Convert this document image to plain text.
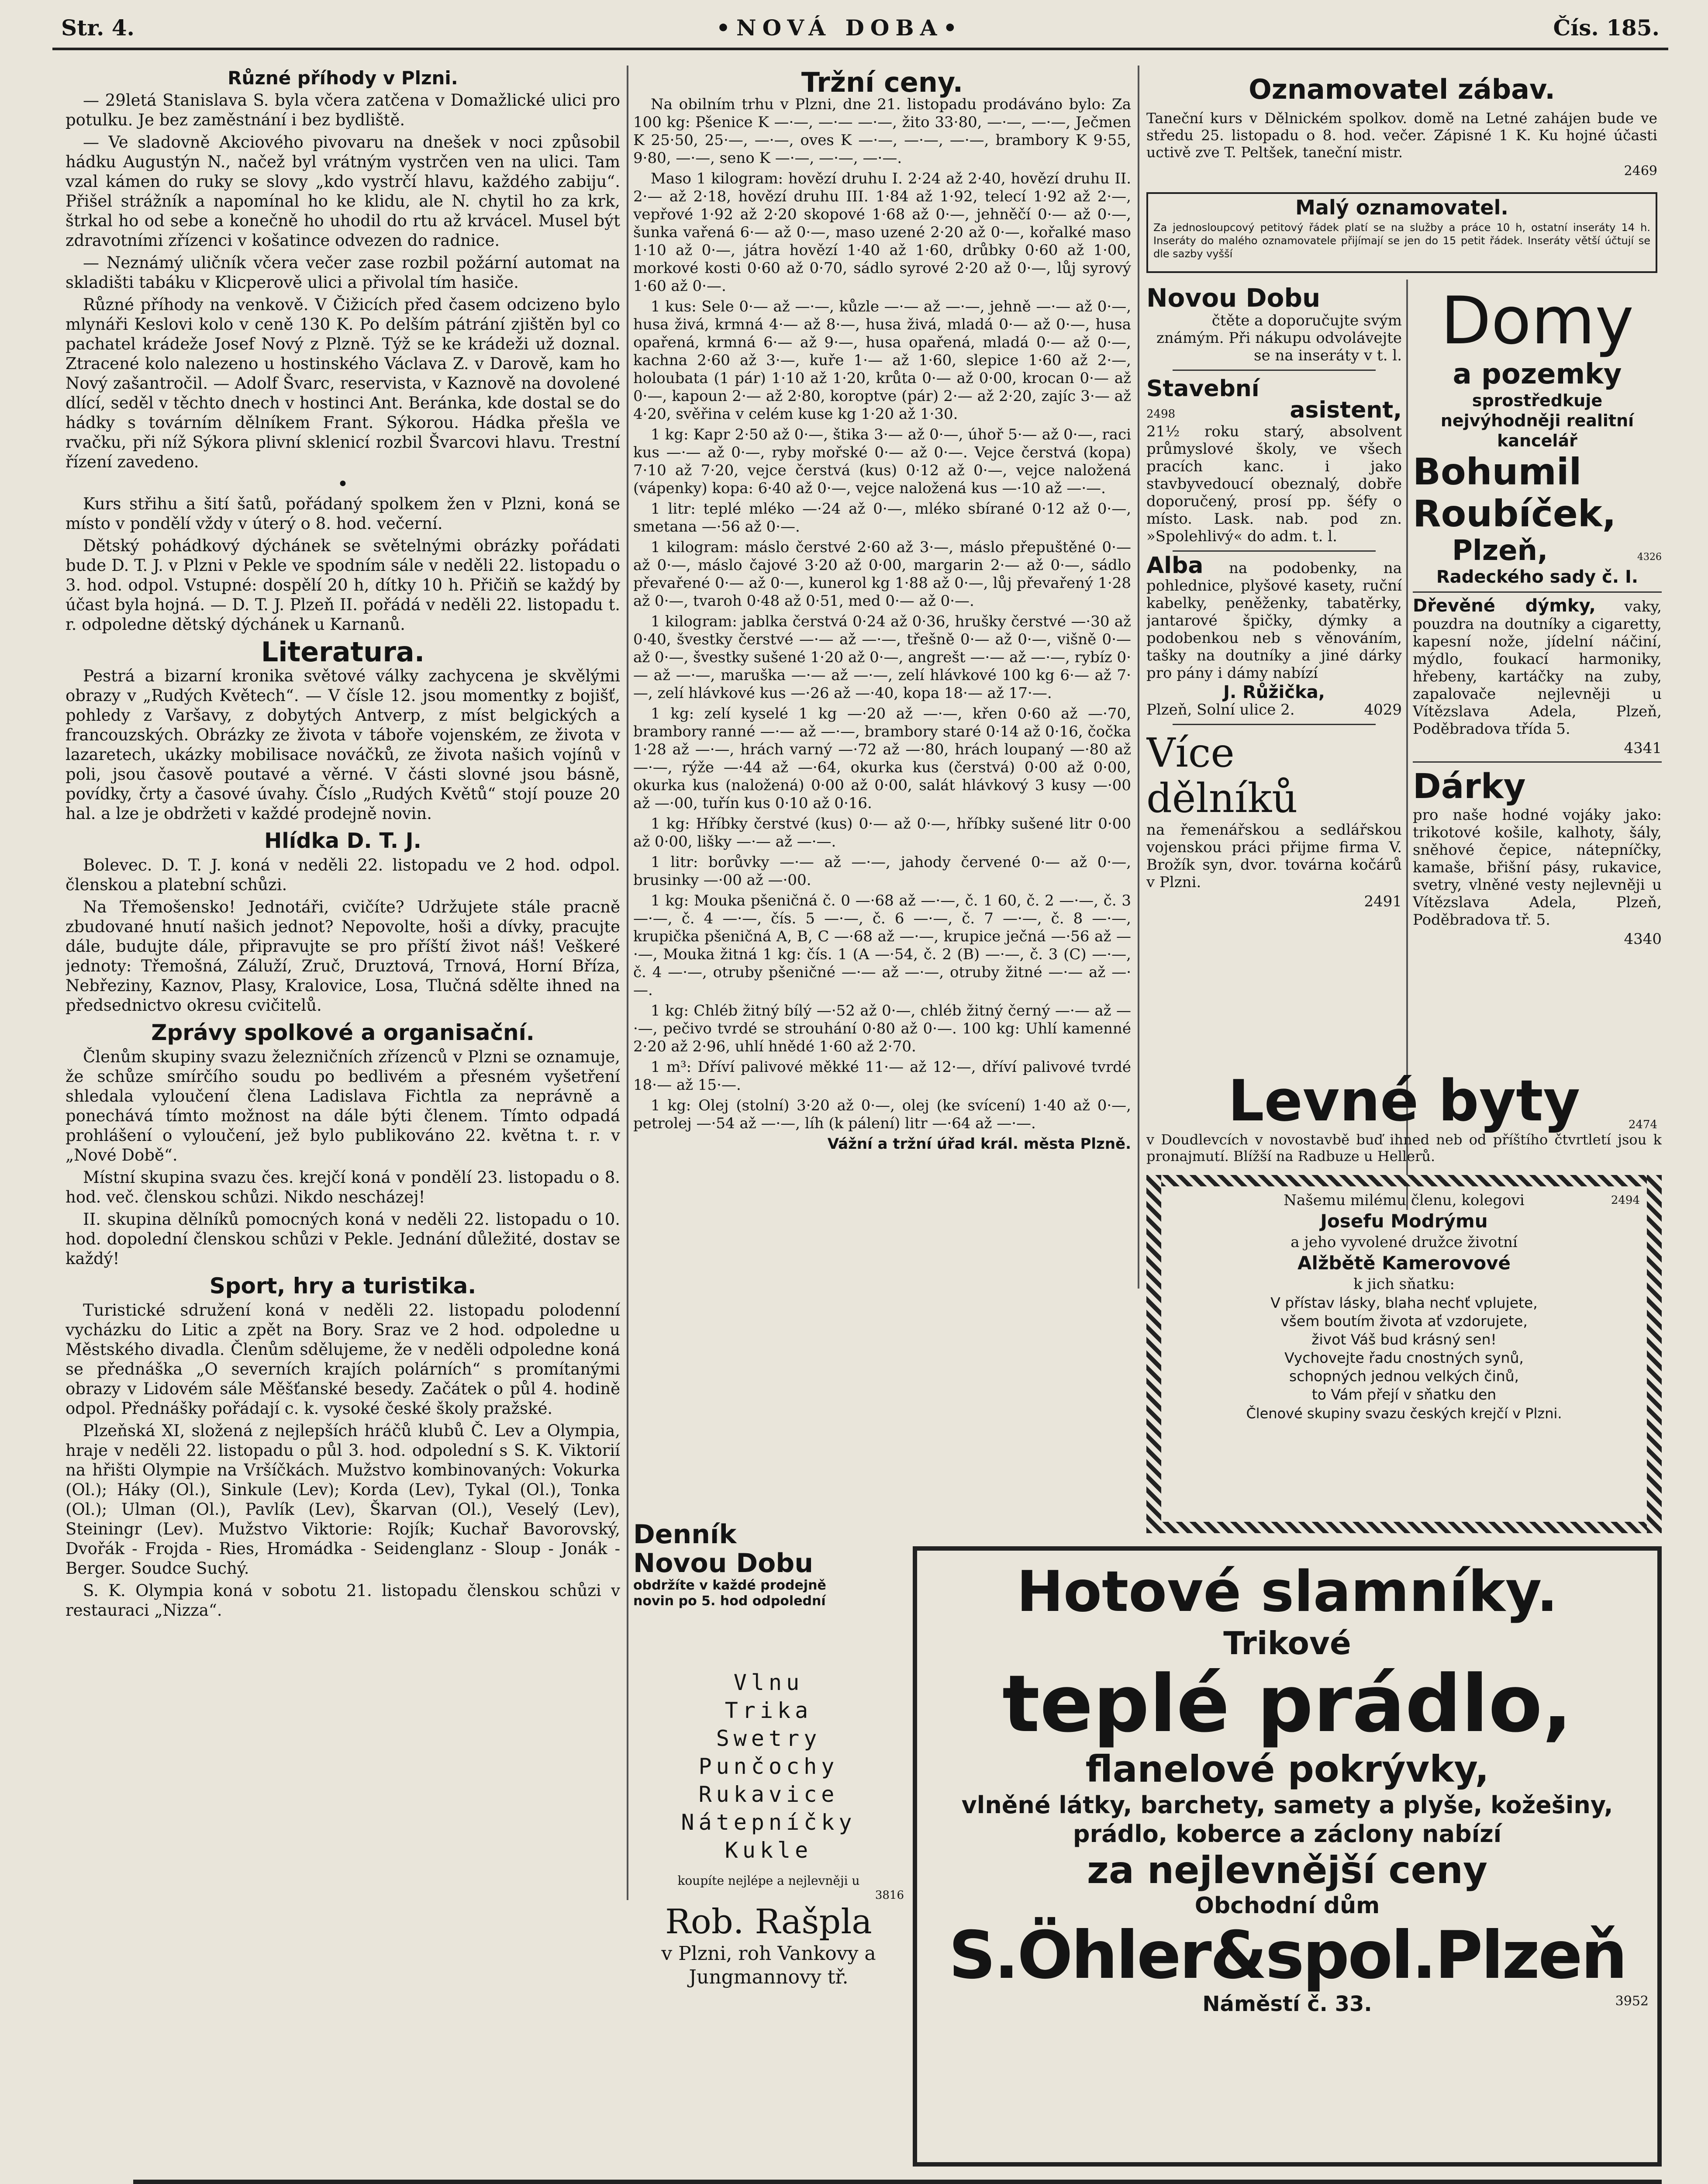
Str. 4.	•NOVÁ DOBA•	Čís. 185.
Různé příhody v Plzni.

— 29letá Stanislava S. byla včera zatčena v Domažlické ulici pro potulku. Je bez zaměstnání i bez bydliště.

— Ve sladovně Akciového pivovaru na dnešek v noci způsobil hádku Augustýn N., načež byl vrátným vystrčen ven na ulici. Tam vzal kámen do ruky se slovy „kdo vystrčí hlavu, každého zabiju“. Přišel strážník a napomínal ho ke klidu, ale N. chytil ho za krk, štrkal ho od sebe a konečně ho uhodil do rtu až krvácel. Musel být zdravotními zřízenci v košatince odvezen do radnice.

— Neznámý uličník včera večer zase rozbil požární automat na skladišti tabáku v Klicperově ulici a přivolal tím hasiče.

Různé příhody na venkově. V Čižicích před časem odcizeno bylo mlynáři Keslovi kolo v ceně 130 K. Po delším pátrání zjištěn byl co pachatel krádeže Josef Nový z Plzně. Týž se ke krádeži už doznal. Ztracené kolo nalezeno u hostinského Václava Z. v Darově, kam ho Nový zašantročil. — Adolf Švarc, reservista, v Kaznově na dovolené dlící, seděl v těchto dnech v hostinci Ant. Beránka, kde dostal se do hádky s továrním dělníkem Frant. Sýkorou. Hádka přešla ve rvačku, při níž Sýkora plivní sklenicí rozbil Švarcovi hlavu. Trestní řízení zavedeno.

•

Kurs střihu a šití šatů, pořádaný spolkem žen v Plzni, koná se místo v pondělí vždy v úterý o 8. hod. večerní.

Dětský pohádkový dýchánek se světelnými obrázky pořádati bude D. T. J. v Plzni v Pekle ve spodním sále v neděli 22. listopadu o 3. hod. odpol. Vstupné: dospělí 20 h, dítky 10 h. Přičiň se každý by účast byla hojná. — D. T. J. Plzeň II. pořádá v neděli 22. listopadu t. r. odpoledne dětský dýchánek u Karnanů.

Literatura.

Pestrá a bizarní kronika světové války zachycena je skvělými obrazy v „Rudých Květech“. — V čísle 12. jsou momentky z bojišť, pohledy z Varšavy, z dobytých Antverp, z míst belgických a francouzských. Obrázky ze života v táboře vojenském, ze života v lazaretech, ukázky mobilisace nováčků, ze života našich vojínů v poli, jsou časově poutavé a věrné. V části slovné jsou básně, povídky, črty a časové úvahy. Číslo „Rudých Květů“ stojí pouze 20 hal. a lze je obdržeti v každé prodejně novin.

Hlídka D. T. J.

Bolevec. D. T. J. koná v neděli 22. listopadu ve 2 hod. odpol. členskou a platební schůzi.

Na Třemošensko! Jednotáři, cvičíte? Udržujete stále pracně zbudované hnutí našich jednot? Nepovolte, hoši a dívky, pracujte dále, budujte dále, připravujte se pro příští život náš! Veškeré jednoty: Třemošná, Záluží, Zruč, Druztová, Trnová, Horní Bříza, Nebřeziny, Kaznov, Plasy, Kralovice, Losa, Tlučná sdělte ihned na předsednictvo okresu cvičitelů.

Zprávy spolkové a organisační.

Členům skupiny svazu železničních zřízenců v Plzni se oznamuje, že schůze smírčího soudu po bedlivém a přesném vyšetření shledala vyloučení člena Ladislava Fichtla za neprávně a ponechává tímto možnost na dále býti členem. Tímto odpadá prohlášení o vyloučení, jež bylo publikováno 22. května t. r. v „Nové Době“.

Místní skupina svazu čes. krejčí koná v pondělí 23. listopadu o 8. hod. več. členskou schůzi. Nikdo nescházej!

II. skupina dělníků pomocných koná v neděli 22. listopadu o 10. hod. dopolední členskou schůzi v Pekle. Jednání důležité, dostav se každý!

Sport, hry a turistika.

Turistické sdružení koná v neděli 22. listopadu polodenní vycházku do Litic a zpět na Bory. Sraz ve 2 hod. odpoledne u Městského divadla. Členům sdělujeme, že v neděli odpoledne koná se přednáška „O severních krajích polárních“ s promítanými obrazy v Lidovém sále Měšťanské besedy. Začátek o půl 4. hodině odpol. Přednášky pořádají c. k. vysoké české školy pražské.

Plzeňská XI, složená z nejlepších hráčů klubů Č. Lev a Olympia, hraje v neděli 22. listopadu o půl 3. hod. odpolední s S. K. Viktorií na hřišti Olympie na Vršíčkách. Mužstvo kombinovaných: Vokurka (Ol.); Háky (Ol.), Sinkule (Lev); Korda (Lev), Tykal (Ol.), Tonka (Ol.); Ulman (Ol.), Pavlík (Lev), Škarvan (Ol.), Veselý (Lev), Steiningr (Lev). Mužstvo Viktorie: Rojík; Kuchař Bavorovský, Dvořák - Frojda - Ries, Hromádka - Seidenglanz - Sloup - Jonák - Berger. Soudce Suchý.

S. K. Olympia koná v sobotu 21. listopadu členskou schůzi v restauraci „Nizza“.

Tržní ceny.

Na obilním trhu v Plzni, dne 21. listopadu prodáváno bylo: Za 100 kg: Pšenice K —·—, —·— —·—, žito 33·80, —·—, —·—, Ječmen K 25·50, 25·—, —·—, oves K —·—, —·—, —·—, brambory K 9·55, 9·80, —·—, seno K —·—, —·—, —·—.

Maso 1 kilogram: hovězí druhu I. 2·24 až 2·40, hovězí druhu II. 2·— až 2·18, hovězí druhu III. 1·84 až 1·92, telecí 1·92 až 2·—, vepřové 1·92 až 2·20 skopové 1·68 až 0·—, jehněčí 0·— až 0·—, šunka vařená 6·— až 0·—, maso uzené 2·20 až 0·—, kořalké maso 1·10 až 0·—, játra hovězí 1·40 až 1·60, drůbky 0·60 až 1·00, morkové kosti 0·60 až 0·70, sádlo syrové 2·20 až 0·—, lůj syrový 1·60 až 0·—.

1 kus: Sele 0·— až —·—, kůzle —·— až —·—, jehně —·— až 0·—, husa živá, krmná 4·— až 8·—, husa živá, mladá 0·— až 0·—, husa opařená, krmná 6·— až 9·—, husa opařená, mladá 0·— až 0·—, kachna 2·60 až 3·—, kuře 1·— až 1·60, slepice 1·60 až 2·—, holoubata (1 pár) 1·10 až 1·20, krůta 0·— až 0·00, krocan 0·— až 0·—, kapoun 2·— až 2·80, koroptve (pár) 2·— až 2·20, zajíc 3·— až 4·20, svěřina v celém kuse kg 1·20 až 1·30.

1 kg: Kapr 2·50 až 0·—, štika 3·— až 0·—, úhoř 5·— až 0·—, raci kus —·— až 0·—, ryby mořské 0·— až 0·—. Vejce čerstvá (kopa) 7·10 až 7·20, vejce čerstvá (kus) 0·12 až 0·—, vejce naložená (vápenky) kopa: 6·40 až 0·—, vejce naložená kus —·10 až —·—.

1 litr: teplé mléko —·24 až 0·—, mléko sbírané 0·12 až 0·—, smetana —·56 až 0·—.

1 kilogram: máslo čerstvé 2·60 až 3·—, máslo přepuštěné 0·— až 0·—, máslo čajové 3·20 až 0·00, margarin 2·— až 0·—, sádlo převařené 0·— až 0·—, kunerol kg 1·88 až 0·—, lůj převařený 1·28 až 0·—, tvaroh 0·48 až 0·51, med 0·— až 0·—.

1 kilogram: jablka čerstvá 0·24 až 0·36, hrušky čerstvé —·30 až 0·40, švestky čerstvé —·— až —·—, třešně 0·— až 0·—, višně 0·— až 0·—, švestky sušené 1·20 až 0·—, angrešt —·— až —·—, rybíz 0·— až —·—, maruška —·— až —·—, zelí hlávkové 100 kg 6·— až 7·—, zelí hlávkové kus —·26 až —·40, kopa 18·— až 17·—.

1 kg: zelí kyselé 1 kg —·20 až —·—, křen 0·60 až —·70, brambory ranné —·— až —·—, brambory staré 0·14 až 0·16, čočka 1·28 až —·—, hrách varný —·72 až —·80, hrách loupaný —·80 až —·—, rýže —·44 až —·64, okurka kus (čerstvá) 0·00 až 0·00, okurka kus (naložená) 0·00 až 0·00, salát hlávkový 3 kusy —·00 až —·00, tuřín kus 0·10 až 0·16.

1 kg: Hříbky čerstvé (kus) 0·— až 0·—, hříbky sušené litr 0·00 až 0·00, lišky —·— až —·—.

1 litr: borůvky —·— až —·—, jahody červené 0·— až 0·—, brusinky —·00 až —·00.

1 kg: Mouka pšeničná č. 0 —·68 až —·—, č. 1 60, č. 2 —·—, č. 3 —·—, č. 4 —·—, čís. 5 —·—, č. 6 —·—, č. 7 —·—, č. 8 —·—, krupička pšeničná A, B, C —·68 až —·—, krupice ječná —·56 až —·—, Mouka žitná 1 kg: čís. 1 (A —·54, č. 2 (B) —·—, č. 3 (C) —·—, č. 4 —·—, otruby pšeničné —·— až —·—, otruby žitné —·— až —·—.

1 kg: Chléb žitný bílý —·52 až 0·—, chléb žitný černý —·— až —·—, pečivo tvrdé se strouhání 0·80 až 0·—. 100 kg: Uhlí kamenné 2·20 až 2·96, uhlí hnědé 1·60 až 2·70.

1 m³: Dříví palivové měkké 11·— až 12·—, dříví palivové tvrdé 18·— až 15·—.

1 kg: Olej (stolní) 3·20 až 0·—, olej (ke svícení) 1·40 až 0·—, petrolej —·54 až —·—, líh (k pálení) litr —·64 až —·—.

Vážní a tržní úřad král. města Plzně.
Oznamovatel zábav.

Taneční kurs v Dělnickém spolkov. domě na Letné zahájen bude ve středu 25. listopadu o 8. hod. večer. Zápisné 1 K. Ku hojné účasti uctivě zve T. Peltšek, taneční mistr.

2469
Malý oznamovatel.
Za jednosloupcový petitový řádek platí se na služby a práce 10 h, ostatní inseráty 14 h. Inseráty do malého oznamovatele přijímají se jen do 15 petit řádek. Inseráty větší účtují se dle sazby vyšší
Novou Dobu

čtěte a doporučujte svým známým. Při nákupu odvolávejte se na inseráty v t. l.

Stavební
2498	asistent,

21½ roku starý, absolvent průmyslové školy, ve všech pracích kanc. i jako stavbyvedoucí obeznalý, dobře doporučený, prosí pp. šéfy o místo. Lask. nab. pod zn. »Spolehlivý« do adm. t. l.

Alba na podobenky, na pohlednice, plyšové kasety, ruční kabelky, peněženky, tabatěrky, jantarové špičky, dýmky a podobenkou neb s věnováním, tašky na doutníky a jiné dárky pro pány i dámy nabízí

J. Růžička,
Plzeň, Solní ulice 2.	4029
Více
dělníků

na řemenářskou a sedlářskou vojenskou práci přijme firma V. Brožík syn, dvor. továrna kočárů v Plzni.

2491
Domy
a pozemky
sprostředkuje nejvýhodněji realitní kancelář
Bohumil
Roubíček,
Plzeň,	4326
Radeckého sady č. I.

Dřevěné dýmky, vaky, pouzdra na doutníky a cigaretty, kapesní nože, jídelní náčiní, mýdlo, foukací harmoniky, hřebeny, kartáčky na zuby, zapalovače nejlevněji u Vítězslava Adela, Plzeň, Poděbradova třída 5.

4341
Dárky

pro naše hodné vojáky jako: trikotové košile, kalhoty, šály, sněhové čepice, nátepníčky, kamaše, břišní pásy, rukavice, svetry, vlněné vesty nejlevněji u Vítězslava Adela, Plzeň, Poděbradova tř. 5.

4340
Levné byty	2474
v Doudlevcích v novostavbě buď ihned neb od příštího čtvrtletí jsou k pronajmutí. Blížší na Radbuze u Hellerů.
Našemu milému členu, kolegovi	2494
Josefu Modrýmu
a jeho vyvolené družce životní
Alžbětě Kamerovové
k jich sňatku:
V přístav lásky, blaha nechť vplujete,
všem boutím života ať vzdorujete,
život Váš bud krásný sen!
Vychovejte řadu cnostných synů,
schopných jednou velkých činů,
to Vám přejí v sňatku den
Členové skupiny svazu českých krejčí v Plzni.
Denník
Novou Dobu
obdržíte v každé prodejně novin po 5. hod odpolední
Vlnu
Trika
Swetry
Punčochy
Rukavice
Nátepníčky
Kukle
koupíte nejlépe a nejlevněji u
3816
Rob. Rašpla
v Plzni, roh Vankovy a Jungmannovy tř.
Hotové slamníky.
Trikové
teplé prádlo,
flanelové pokrývky,
vlněné látky, barchety, samety a plyše, kožešiny, prádlo, koberce a záclony nabízí
za nejlevnější ceny
Obchodní dům
S.Öhler&spol.Plzeň
Náměstí č. 33.	3952
